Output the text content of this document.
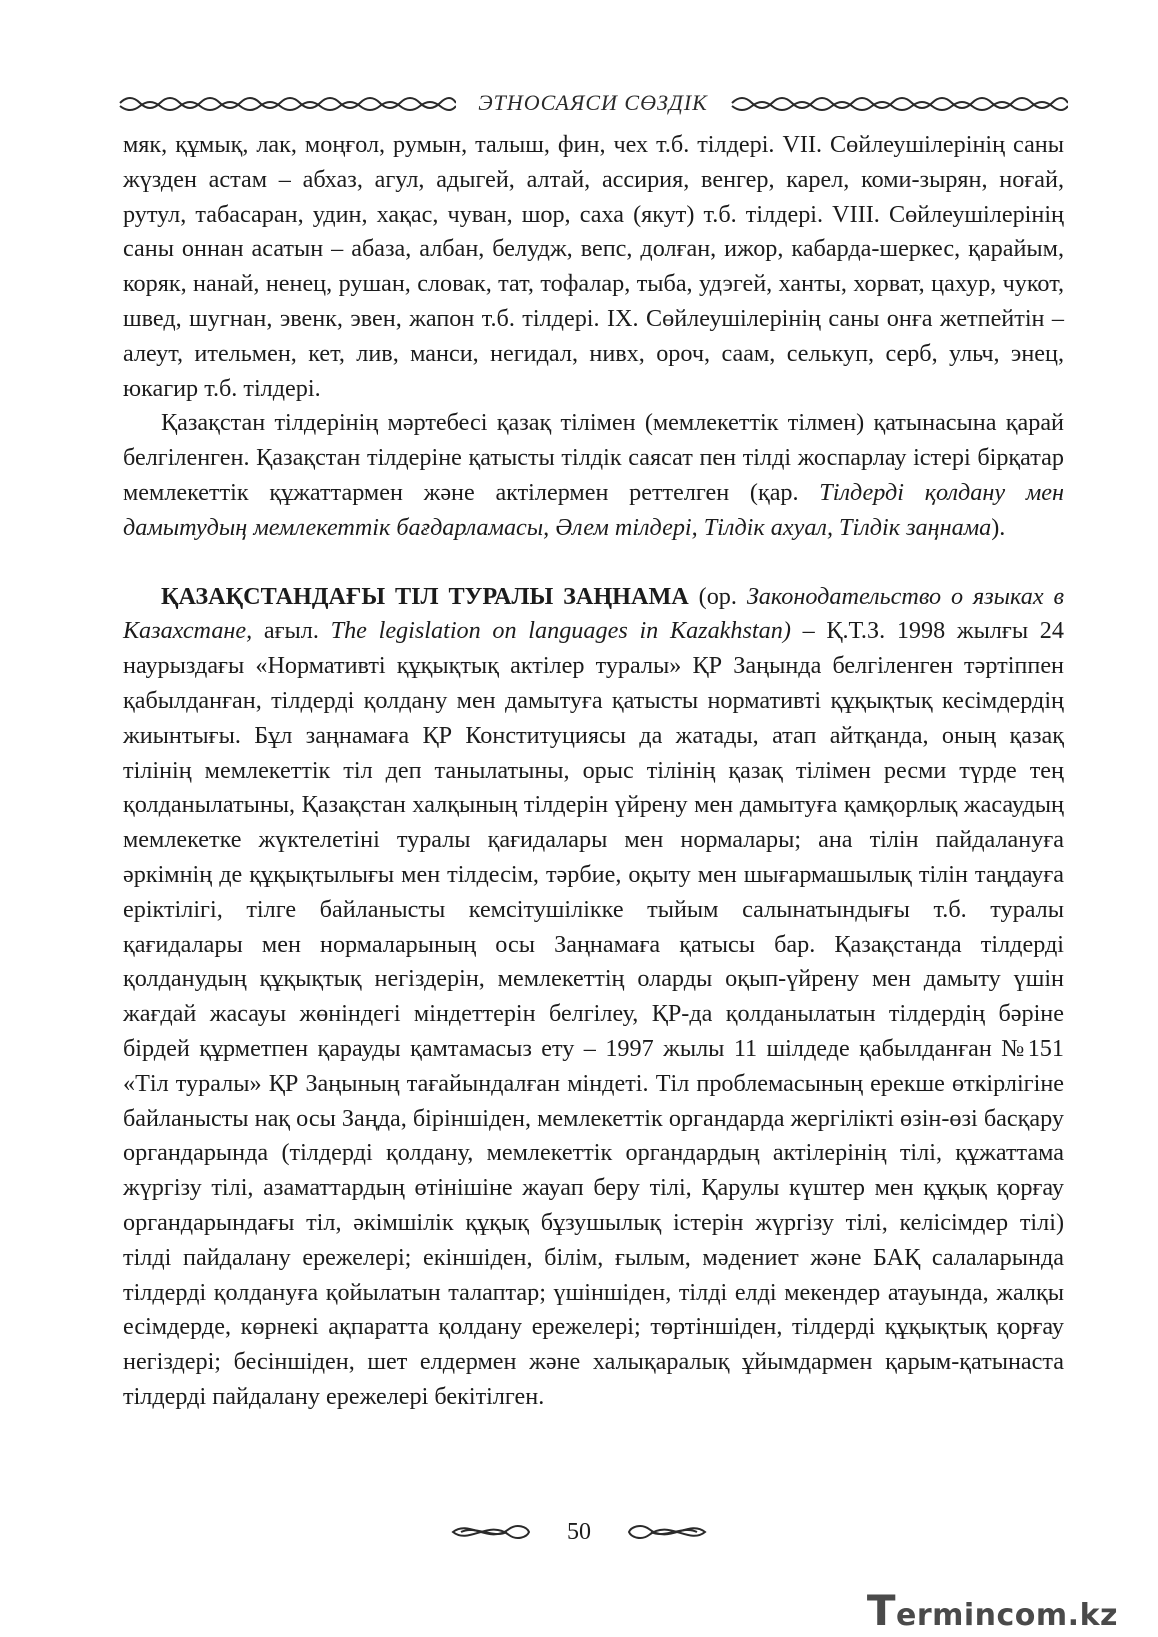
ЭТНОСАЯСИ СӨЗДІК

мяк, құмық, лак, моңғол, румын, талыш, фин, чех т.б. тілдері. VII. Сөйлеушілерінің саны жүзден астам – абхаз, агул, адыгей, алтай, ассирия, венгер, карел, коми-зырян, ноғай, рутул, табасаран, удин, хақас, чуван, шор, саха (якут) т.б. тілдері. VIII. Сөйлеушілерінің саны оннан асатын – абаза, албан, белудж, вепс, долған, ижор, кабарда-шеркес, қарайым, коряк, нанай, ненец, рушан, словак, тат, тофалар, тыба, удэгей, ханты, хорват, цахур, чукот, швед, шугнан, эвенк, эвен, жапон т.б. тілдері. IX. Сөйлеушілерінің саны онға жетпейтін – алеут, ительмен, кет, лив, манси, негидал, нивх, ороч, саам, селькуп, серб, ульч, энец, юкагир т.б. тілдері.

Қазақстан тілдерінің мәртебесі қазақ тілімен (мемлекеттік тілмен) қатынасына қарай белгіленген. Қазақстан тілдеріне қатысты тілдік саясат пен тілді жоспарлау істері бірқатар мемлекеттік құжаттармен және актілермен реттелген (қар. Тілдерді қолдану мен дамытудың мемлекеттік бағдарламасы, Әлем тілдері, Тілдік ахуал, Тілдік заңнама).

ҚАЗАҚСТАНДАҒЫ ТІЛ ТУРАЛЫ ЗАҢНАМА (ор. Законодательство о языках в Казахстане, ағыл. The legislation on languages in Kazakhstan) – Қ.Т.З. 1998 жылғы 24 наурыздағы «Нормативті құқықтық актілер туралы» ҚР Заңында белгіленген тәртіппен қабылданған, тілдерді қолдану мен дамытуға қатысты нормативті құқықтық кесімдердің жиынтығы. Бұл заңнамаға ҚР Конституциясы да жатады, атап айтқанда, оның қазақ тілінің мемлекеттік тіл деп танылатыны, орыс тілінің қазақ тілімен ресми түрде тең қолданылатыны, Қазақстан халқының тілдерін үйрену мен дамытуға қамқорлық жасаудың мемлекетке жүктелетіні туралы қағидалары мен нормалары; ана тілін пайдалануға әркімнің де құқықтылығы мен тілдесім, тәрбие, оқыту мен шығармашылық тілін таңдауға еріктілігі, тілге байланысты кемсітушілікке тыйым салынатындығы т.б. туралы қағидалары мен нормаларының осы Заңнамаға қатысы бар. Қазақстанда тілдерді қолданудың құқықтық негіздерін, мемлекеттің оларды оқып-үйрену мен дамыту үшін жағдай жасауы жөніндегі міндеттерін белгілеу, ҚР-да қолданылатын тілдердің бәріне бірдей құрметпен қарауды қамтамасыз ету – 1997 жылы 11 шілдеде қабылданған №151 «Тіл туралы» ҚР Заңының тағайындалған міндеті. Тіл проблемасының ерекше өткірлігіне байланысты нақ осы Заңда, біріншіден, мемлекеттік органдарда жергілікті өзін-өзі басқару органдарында (тілдерді қолдану, мемлекеттік органдардың актілерінің тілі, құжаттама жүргізу тілі, азаматтардың өтінішіне жауап беру тілі, Қарулы күштер мен құқық қорғау органдарындағы тіл, әкімшілік құқық бұзушылық істерін жүргізу тілі, келісімдер тілі) тілді пайдалану ережелері; екіншіден, білім, ғылым, мәдениет және БАҚ салаларында тілдерді қолдануға қойылатын талаптар; үшіншіден, тілді елді мекендер атауында, жалқы есімдерде, көрнекі ақпаратта қолдану ережелері; төртіншіден, тілдерді құқықтық қорғау негіздері; бесіншіден, шет елдермен және халықаралық ұйымдармен қарым-қатынаста тілдерді пайдалану ережелері бекітілген.

50
Termincom.kz
